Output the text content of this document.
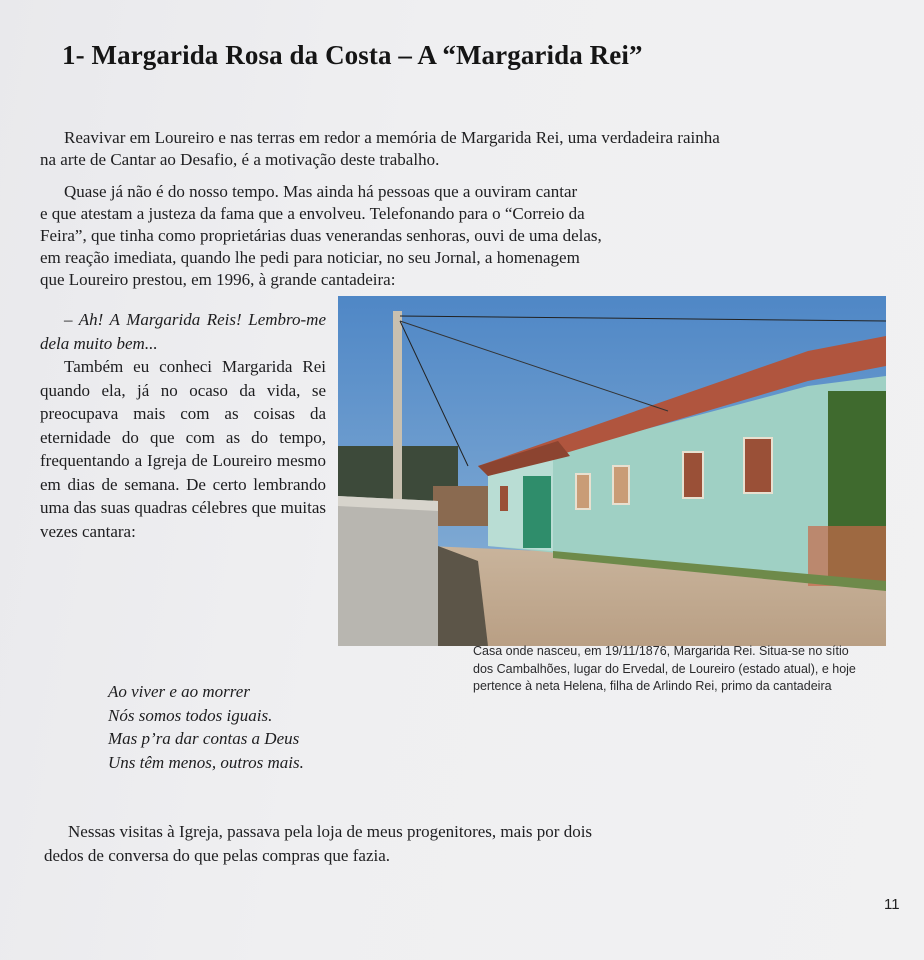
1- Margarida Rosa da Costa – A “Margarida Rei”
Reavivar em Loureiro e nas terras em redor a memória de Margarida Rei, uma verdadeira rainha na arte de Cantar ao Desafio, é a motivação deste trabalho.
Quase já não é do nosso tempo. Mas ainda há pessoas que a ouviram cantar
e que atestam a justeza da fama que a envolveu. Telefonando para o “Correio da
Feira”, que tinha como proprietárias duas venerandas senhoras, ouvi de uma delas,
em reação imediata, quando lhe pedi para noticiar, no seu Jornal, a homenagem
que Loureiro prestou, em 1996, à grande cantadeira:
– Ah! A Margarida Reis! Lembro-me dela muito bem...
Também eu conheci Margarida Rei quando ela, já no ocaso da vida, se preocupava mais com as coisas da eternidade do que com as do tempo, frequentando a Igreja de Loureiro mesmo em dias de semana. De certo lembrando uma das suas quadras célebres que muitas vezes cantara:
Casa onde nasceu, em 19/11/1876, Margarida Rei. Situa-se no sítio
dos Cambalhões, lugar do Ervedal, de Loureiro (estado atual), e hoje
pertence à neta Helena, filha de Arlindo Rei, primo da cantadeira
Ao viver e ao morrer
Nós somos todos iguais.
Mas p’ra dar contas a Deus
Uns têm menos, outros mais.
Nessas visitas à Igreja, passava pela loja de meus progenitores, mais por dois
dedos de conversa do que pelas compras que fazia.
11
